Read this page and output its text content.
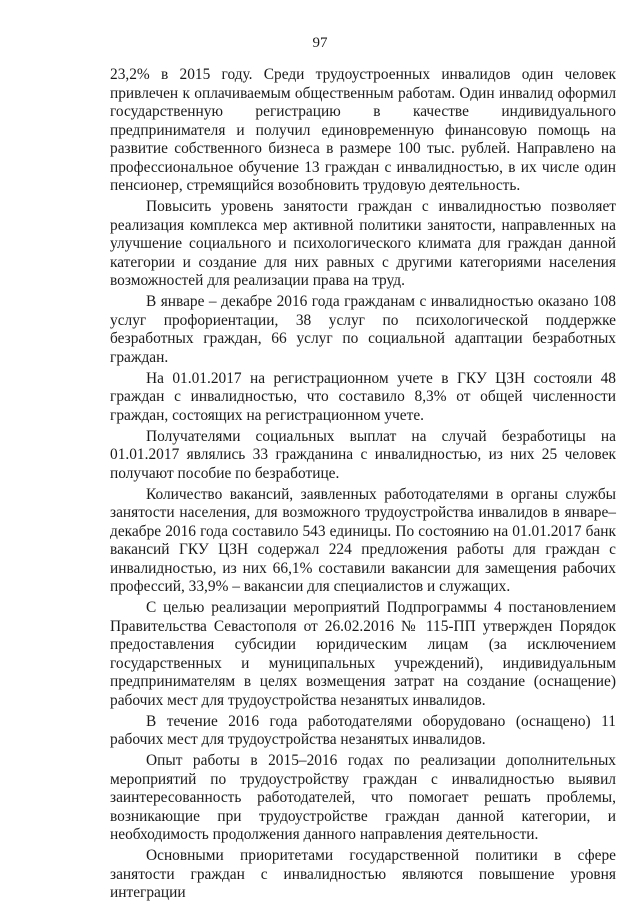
97

23,2% в 2015 году. Среди трудоустроенных инвалидов один человек привлечен к оплачиваемым общественным работам. Один инвалид оформил государственную регистрацию в качестве индивидуального предпринимателя и получил единовременную финансовую помощь на развитие собственного бизнеса в размере 100 тыс. рублей. Направлено на профессиональное обучение 13 граждан с инвалидностью, в их числе один пенсионер, стремящийся возобновить трудовую деятельность.

Повысить уровень занятости граждан с инвалидностью позволяет реализация комплекса мер активной политики занятости, направленных на улучшение социального и психологического климата для граждан данной категории и создание для них равных с другими категориями населения возможностей для реализации права на труд.

В январе – декабре 2016 года гражданам с инвалидностью оказано 108 услуг профориентации, 38 услуг по психологической поддержке безработных граждан, 66 услуг по социальной адаптации безработных граждан.

На 01.01.2017 на регистрационном учете в ГКУ ЦЗН состояли 48 граждан с инвалидностью, что составило 8,3% от общей численности граждан, состоящих на регистрационном учете.

Получателями социальных выплат на случай безработицы на 01.01.2017 являлись 33 гражданина с инвалидностью, из них 25 человек получают пособие по безработице.

Количество вакансий, заявленных работодателями в органы службы занятости населения, для возможного трудоустройства инвалидов в январе–декабре 2016 года составило 543 единицы. По состоянию на 01.01.2017 банк вакансий ГКУ ЦЗН содержал 224 предложения работы для граждан с инвалидностью, из них 66,1% составили вакансии для замещения рабочих профессий, 33,9% – вакансии для специалистов и служащих.

С целью реализации мероприятий Подпрограммы 4 постановлением Правительства Севастополя от 26.02.2016 № 115-ПП утвержден Порядок предоставления субсидии юридическим лицам (за исключением государственных и муниципальных учреждений), индивидуальным предпринимателям в целях возмещения затрат на создание (оснащение) рабочих мест для трудоустройства незанятых инвалидов.

В течение 2016 года работодателями оборудовано (оснащено) 11 рабочих мест для трудоустройства незанятых инвалидов.

Опыт работы в 2015–2016 годах по реализации дополнительных мероприятий по трудоустройству граждан с инвалидностью выявил заинтересованность работодателей, что помогает решать проблемы, возникающие при трудоустройстве граждан данной категории, и необходимость продолжения данного направления деятельности.

Основными приоритетами государственной политики в сфере занятости граждан с инвалидностью являются повышение уровня интеграции
